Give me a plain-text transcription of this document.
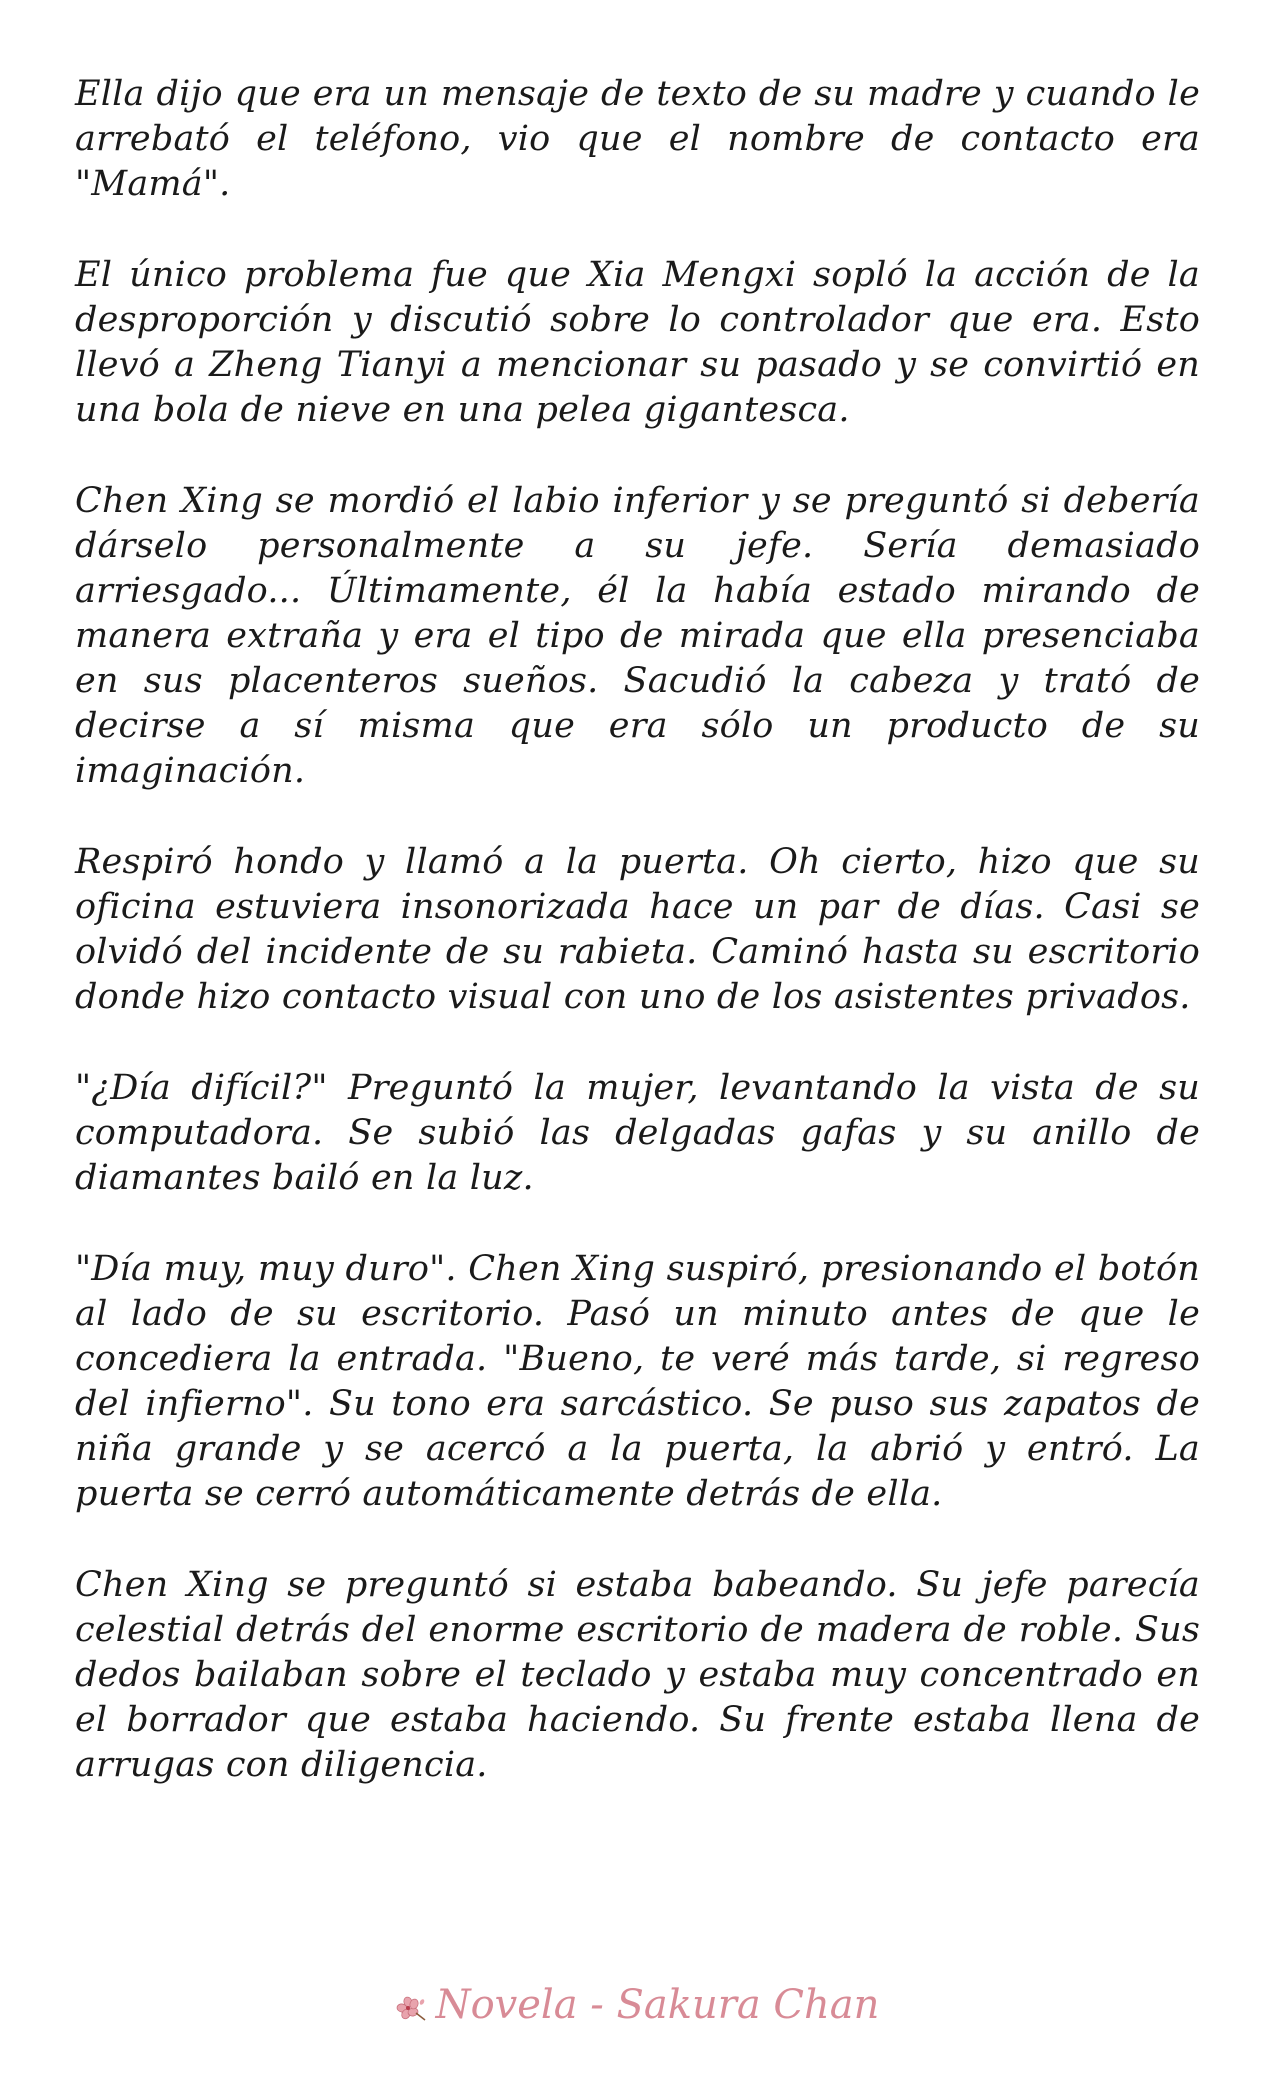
Ella dijo que era un mensaje de texto de su madre y cuando le arrebató el teléfono, vio que el nombre de contacto era "Mamá".

El único problema fue que Xia Mengxi sopló la acción de la desproporción y discutió sobre lo controlador que era. Esto llevó a Zheng Tianyi a mencionar su pasado y se convirtió en una bola de nieve en una pelea gigantesca.

Chen Xing se mordió el labio inferior y se preguntó si debería dárselo personalmente a su jefe. Sería demasiado arriesgado... Últimamente, él la había estado mirando de manera extraña y era el tipo de mirada que ella presenciaba en sus placenteros sueños. Sacudió la cabeza y trató de decirse a sí misma que era sólo un producto de su imaginación.

Respiró hondo y llamó a la puerta. Oh cierto, hizo que su oficina estuviera insonorizada hace un par de días. Casi se olvidó del incidente de su rabieta. Caminó hasta su escritorio donde hizo contacto visual con uno de los asistentes privados.

"¿Día difícil?" Preguntó la mujer, levantando la vista de su computadora. Se subió las delgadas gafas y su anillo de diamantes bailó en la luz.

"Día muy, muy duro". Chen Xing suspiró, presionando el botón al lado de su escritorio. Pasó un minuto antes de que le concediera la entrada. "Bueno, te veré más tarde, si regreso del infierno". Su tono era sarcástico. Se puso sus zapatos de niña grande y se acercó a la puerta, la abrió y entró. La puerta se cerró automáticamente detrás de ella.

Chen Xing se preguntó si estaba babeando. Su jefe parecía celestial detrás del enorme escritorio de madera de roble. Sus dedos bailaban sobre el teclado y estaba muy concentrado en el borrador que estaba haciendo. Su frente estaba llena de arrugas con diligencia.

Novela - Sakura Chan
